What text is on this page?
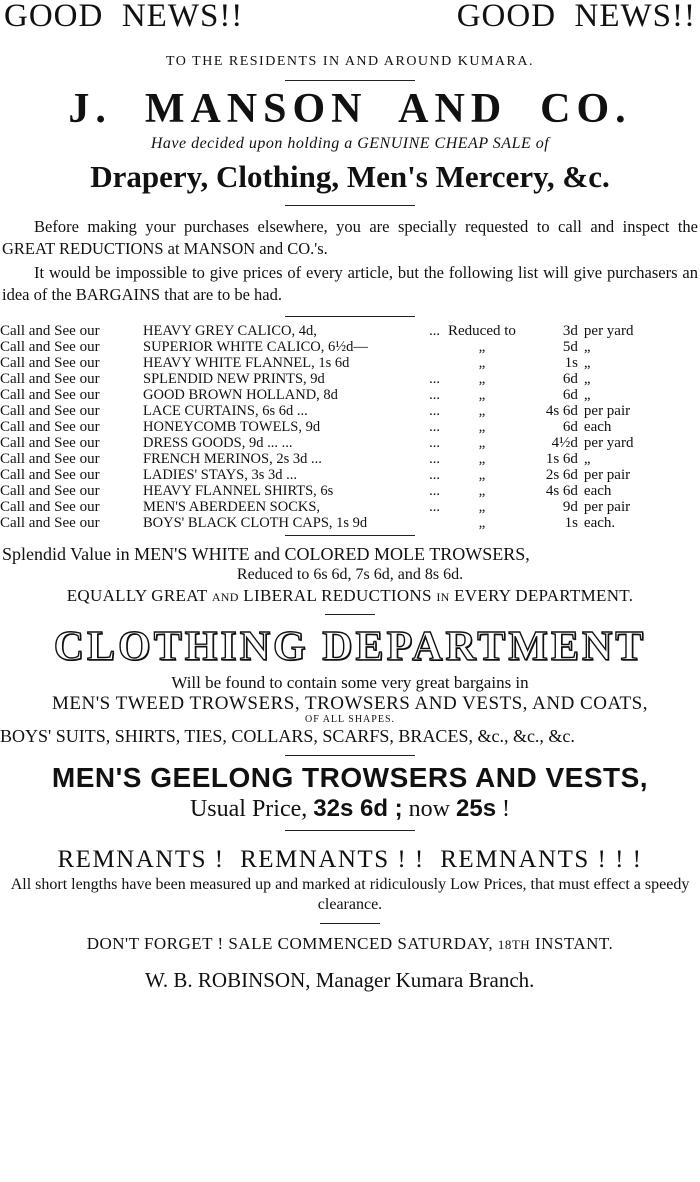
GOOD  NEWS!!	GOOD  NEWS!!
TO THE RESIDENTS IN AND AROUND KUMARA.
J.  MANSON  AND  CO.
Have decided upon holding a GENUINE CHEAP SALE of
Drapery, Clothing, Men's Mercery, &c.
Before making your purchases elsewhere, you are specially requested to call and inspect the GREAT REDUCTIONS at MANSON and CO.'s.
It would be impossible to give prices of every article, but the following list will give purchasers an idea of the BARGAINS that are to be had.
Call and See our	HEAVY GREY CALICO, 4d, ...	Reduced to	3d	per yard
Call and See our	SUPERIOR WHITE CALICO, 6½d—	„	5d	„
Call and See our	HEAVY WHITE FLANNEL, 1s 6d	„	1s	„
Call and See our	SPLENDID NEW PRINTS, 9d ...	„	6d	„
Call and See our	GOOD BROWN HOLLAND, 8d ...	„	6d	„
Call and See our	LACE CURTAINS, 6s 6d ... ...	„	4s 6d	per pair
Call and See our	HONEYCOMB TOWELS, 9d ...	„	6d	each
Call and See our	DRESS GOODS, 9d ... ... ...	„	4½d	per yard
Call and See our	FRENCH MERINOS, 2s 3d ... ...	„	1s 6d	„
Call and See our	LADIES' STAYS, 3s 3d ... ...	„	2s 6d	per pair
Call and See our	HEAVY FLANNEL SHIRTS, 6s ...	„	4s 6d	each
Call and See our	MEN'S ABERDEEN SOCKS, ...	„	9d	per pair
Call and See our	BOYS' BLACK CLOTH CAPS, 1s 9d	„	1s	each.
Splendid Value in MEN'S WHITE and COLORED MOLE TROWSERS,
Reduced to 6s 6d, 7s 6d, and 8s 6d.
EQUALLY GREAT AND LIBERAL REDUCTIONS IN EVERY DEPARTMENT.
CLOTHING DEPARTMENT
Will be found to contain some very great bargains in
MEN'S TWEED TROWSERS, TROWSERS AND VESTS, AND COATS,
OF ALL SHAPES.
BOYS' SUITS, SHIRTS, TIES, COLLARS, SCARFS, BRACES, &c., &c., &c.
MEN'S GEELONG TROWSERS AND VESTS,
Usual Price, 32s 6d ; now 25s !
REMNANTS !  REMNANTS ! !  REMNANTS ! ! !
All short lengths have been measured up and marked at ridiculously Low Prices, that must effect a speedy clearance.
DON'T FORGET ! SALE COMMENCED SATURDAY, 18TH INSTANT.
W. B. ROBINSON, Manager Kumara Branch.
